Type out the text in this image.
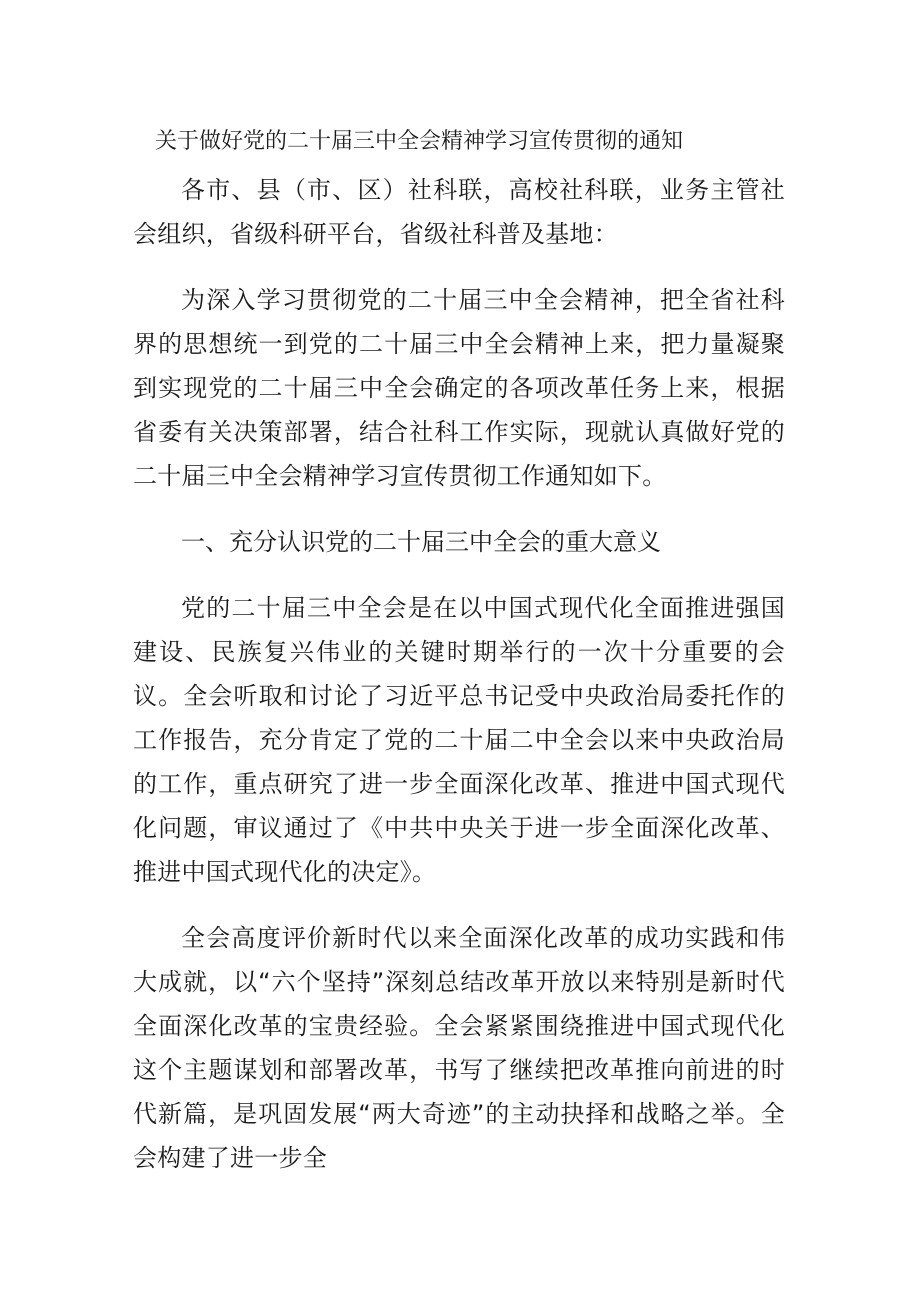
关于做好党的二十届三中全会精神学习宣传贯彻的通知

各市、县（市、区）社科联，高校社科联，业务主管社会组织，省级科研平台，省级社科普及基地：

为深入学习贯彻党的二十届三中全会精神，把全省社科界的思想统一到党的二十届三中全会精神上来，把力量凝聚到实现党的二十届三中全会确定的各项改革任务上来，根据省委有关决策部署，结合社科工作实际，现就认真做好党的二十届三中全会精神学习宣传贯彻工作通知如下。

一、充分认识党的二十届三中全会的重大意义

党的二十届三中全会是在以中国式现代化全面推进强国建设、民族复兴伟业的关键时期举行的一次十分重要的会议。全会听取和讨论了习近平总书记受中央政治局委托作的工作报告，充分肯定了党的二十届二中全会以来中央政治局的工作，重点研究了进一步全面深化改革、推进中国式现代化问题，审议通过了《中共中央关于进一步全面深化改革、推进中国式现代化的决定》。

全会高度评价新时代以来全面深化改革的成功实践和伟大成就，以“六个坚持”深刻总结改革开放以来特别是新时代全面深化改革的宝贵经验。全会紧紧围绕推进中国式现代化这个主题谋划和部署改革，书写了继续把改革推向前进的时代新篇，是巩固发展“两大奇迹”的主动抉择和战略之举。全会构建了进一步全
